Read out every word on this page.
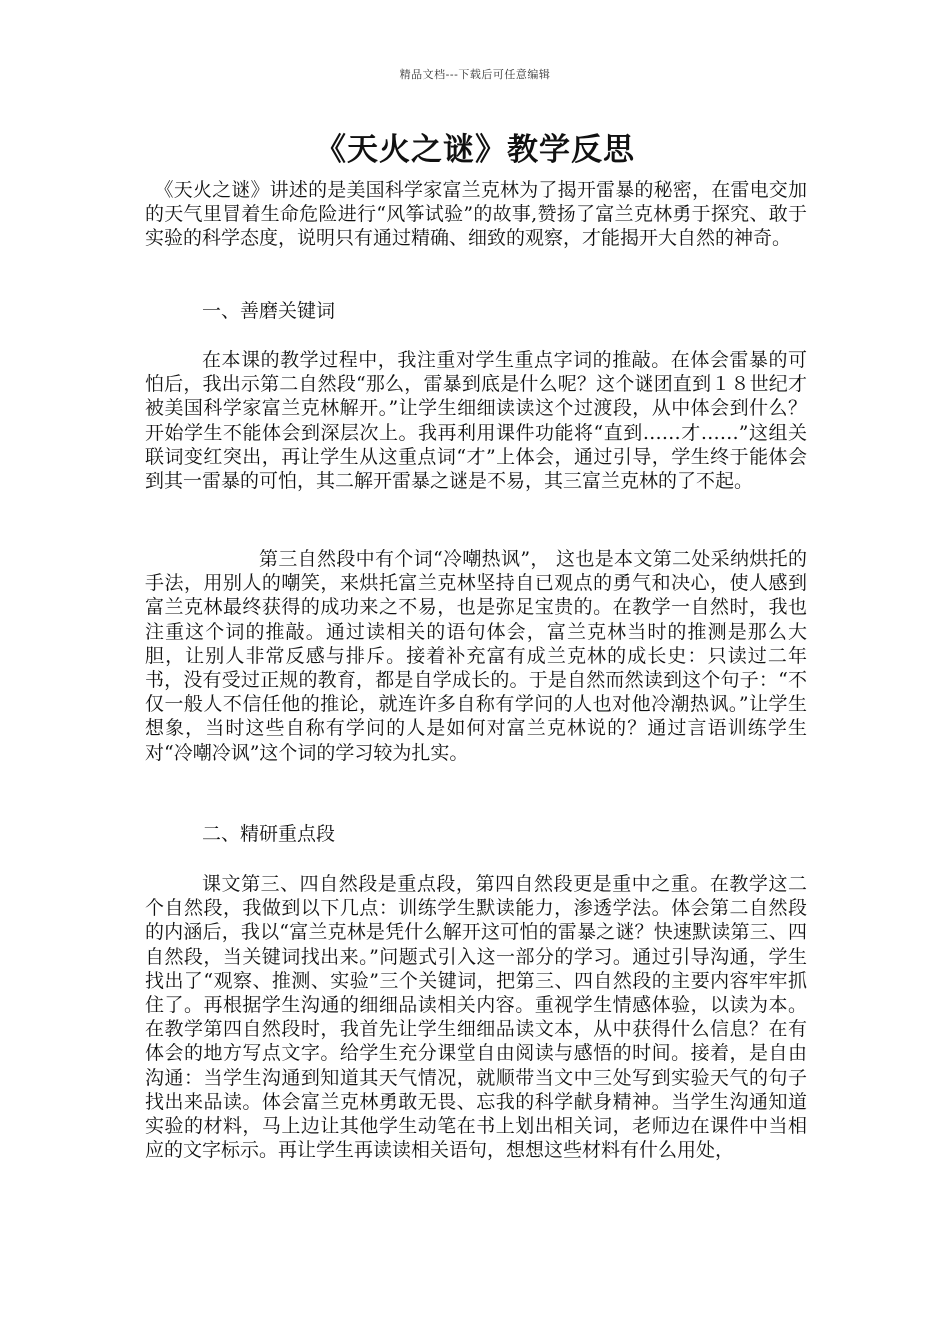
精品文档---下载后可任意编辑
《天火之谜》教学反思

《天火之谜》讲述的是美国科学家富兰克林为了揭开雷暴的秘密，在雷电交加的天气里冒着生命危险进行“风筝试验”的故事,赞扬了富兰克林勇于探究、敢于实验的科学态度，说明只有通过精确、细致的观察，才能揭开大自然的神奇。

一、善磨关键词

在本课的教学过程中，我注重对学生重点字词的推敲。在体会雷暴的可怕后，我出示第二自然段“那么，雷暴到底是什么呢？这个谜团直到１８世纪才被美国科学家富兰克林解开。”让学生细细读读这个过渡段，从中体会到什么？开始学生不能体会到深层次上。我再利用课件功能将“直到……才……”这组关联词变红突出，再让学生从这重点词“才”上体会，通过引导，学生终于能体会到其一雷暴的可怕，其二解开雷暴之谜是不易，其三富兰克林的了不起。

第三自然段中有个词“冷嘲热讽”， 这也是本文第二处采纳烘托的手法，用别人的嘲笑，来烘托富兰克林坚持自已观点的勇气和决心，使人感到富兰克林最终获得的成功来之不易，也是弥足宝贵的。在教学一自然时，我也注重这个词的推敲。通过读相关的语句体会，富兰克林当时的推测是那么大胆，让别人非常反感与排斥。接着补充富有成兰克林的成长史：只读过二年书，没有受过正规的教育，都是自学成长的。于是自然而然读到这个句子：“不仅一般人不信任他的推论，就连许多自称有学问的人也对他冷潮热讽。”让学生想象，当时这些自称有学问的人是如何对富兰克林说的？通过言语训练学生对“冷嘲冷讽”这个词的学习较为扎实。

二、精研重点段

课文第三、四自然段是重点段，第四自然段更是重中之重。在教学这二个自然段，我做到以下几点：训练学生默读能力，渗透学法。体会第二自然段的内涵后，我以“富兰克林是凭什么解开这可怕的雷暴之谜？快速默读第三、四自然段，当关键词找出来。”问题式引入这一部分的学习。通过引导沟通，学生找出了“观察、推测、实验”三个关键词，把第三、四自然段的主要内容牢牢抓住了。再根据学生沟通的细细品读相关内容。重视学生情感体验，以读为本。在教学第四自然段时，我首先让学生细细品读文本，从中获得什么信息？在有体会的地方写点文字。给学生充分课堂自由阅读与感悟的时间。接着，是自由沟通：当学生沟通到知道其天气情况，就顺带当文中三处写到实验天气的句子找出来品读。体会富兰克林勇敢无畏、忘我的科学献身精神。当学生沟通知道实验的材料，马上边让其他学生动笔在书上划出相关词，老师边在课件中当相应的文字标示。再让学生再读读相关语句，想想这些材料有什么用处，
